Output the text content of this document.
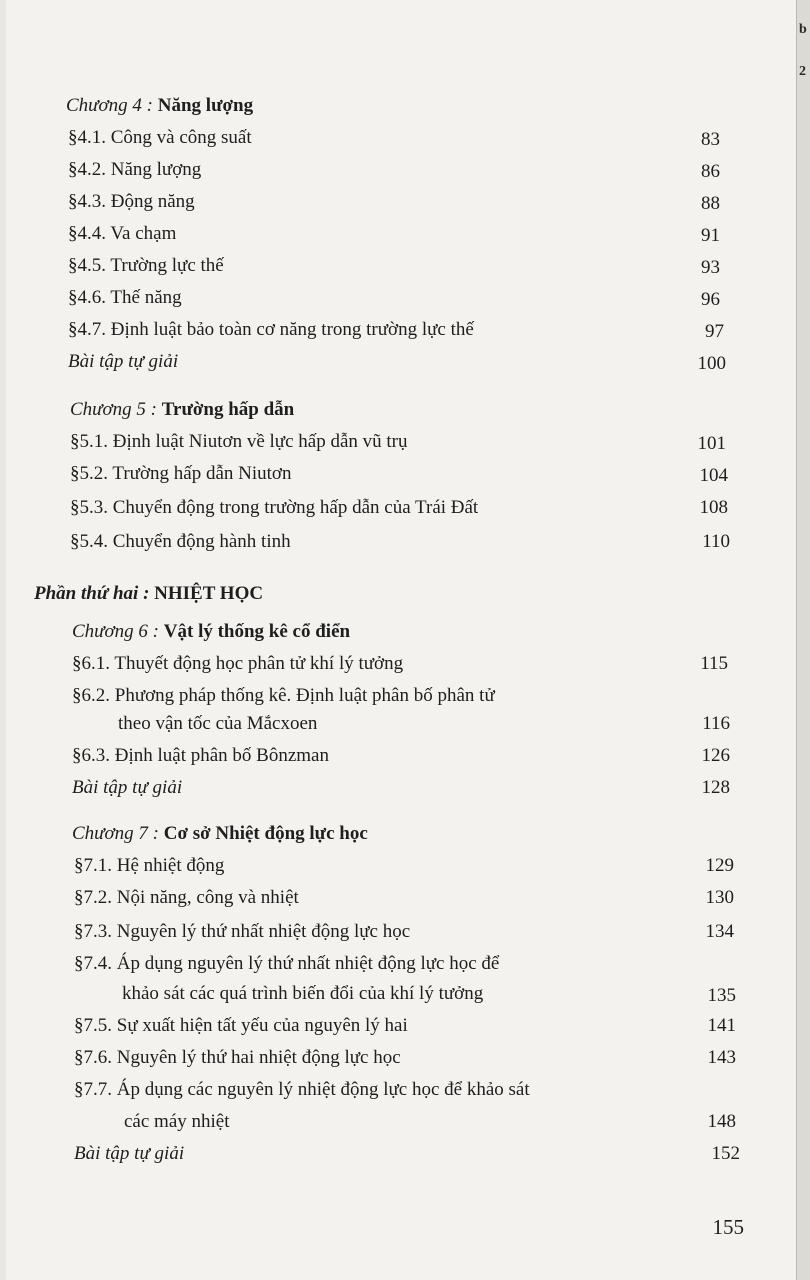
b
2
Chương 4 : Năng lượng
§4.1. Công và công suất	83
§4.2. Năng lượng	86
§4.3. Động năng	88
§4.4. Va chạm	91
§4.5. Trường lực thế	93
§4.6. Thế năng	96
§4.7. Định luật bảo toàn cơ năng trong trường lực thế	97
Bài tập tự giải	100
Chương 5 : Trường hấp dẫn
§5.1. Định luật Niutơn về lực hấp dẫn vũ trụ	101
§5.2. Trường hấp dẫn Niutơn	104
§5.3. Chuyển động trong trường hấp dẫn của Trái Đất	108
§5.4. Chuyển động hành tinh	110
Phần thứ hai : NHIỆT HỌC
Chương 6 : Vật lý thống kê cổ điển
§6.1. Thuyết động học phân tử khí lý tưởng	115
§6.2. Phương pháp thống kê. Định luật phân bố phân tử
theo vận tốc của Mắcxoen	116
§6.3. Định luật phân bố Bônzman	126
Bài tập tự giải	128
Chương 7 : Cơ sở Nhiệt động lực học
§7.1. Hệ nhiệt động	129
§7.2. Nội năng, công và nhiệt	130
§7.3. Nguyên lý thứ nhất nhiệt động lực học	134
§7.4. Áp dụng nguyên lý thứ nhất nhiệt động lực học để
khảo sát các quá trình biến đổi của khí lý tưởng	135
§7.5. Sự xuất hiện tất yếu của nguyên lý hai	141
§7.6. Nguyên lý thứ hai nhiệt động lực học	143
§7.7. Áp dụng các nguyên lý nhiệt động lực học để khảo sát
các máy nhiệt	148
Bài tập tự giải	152
155
